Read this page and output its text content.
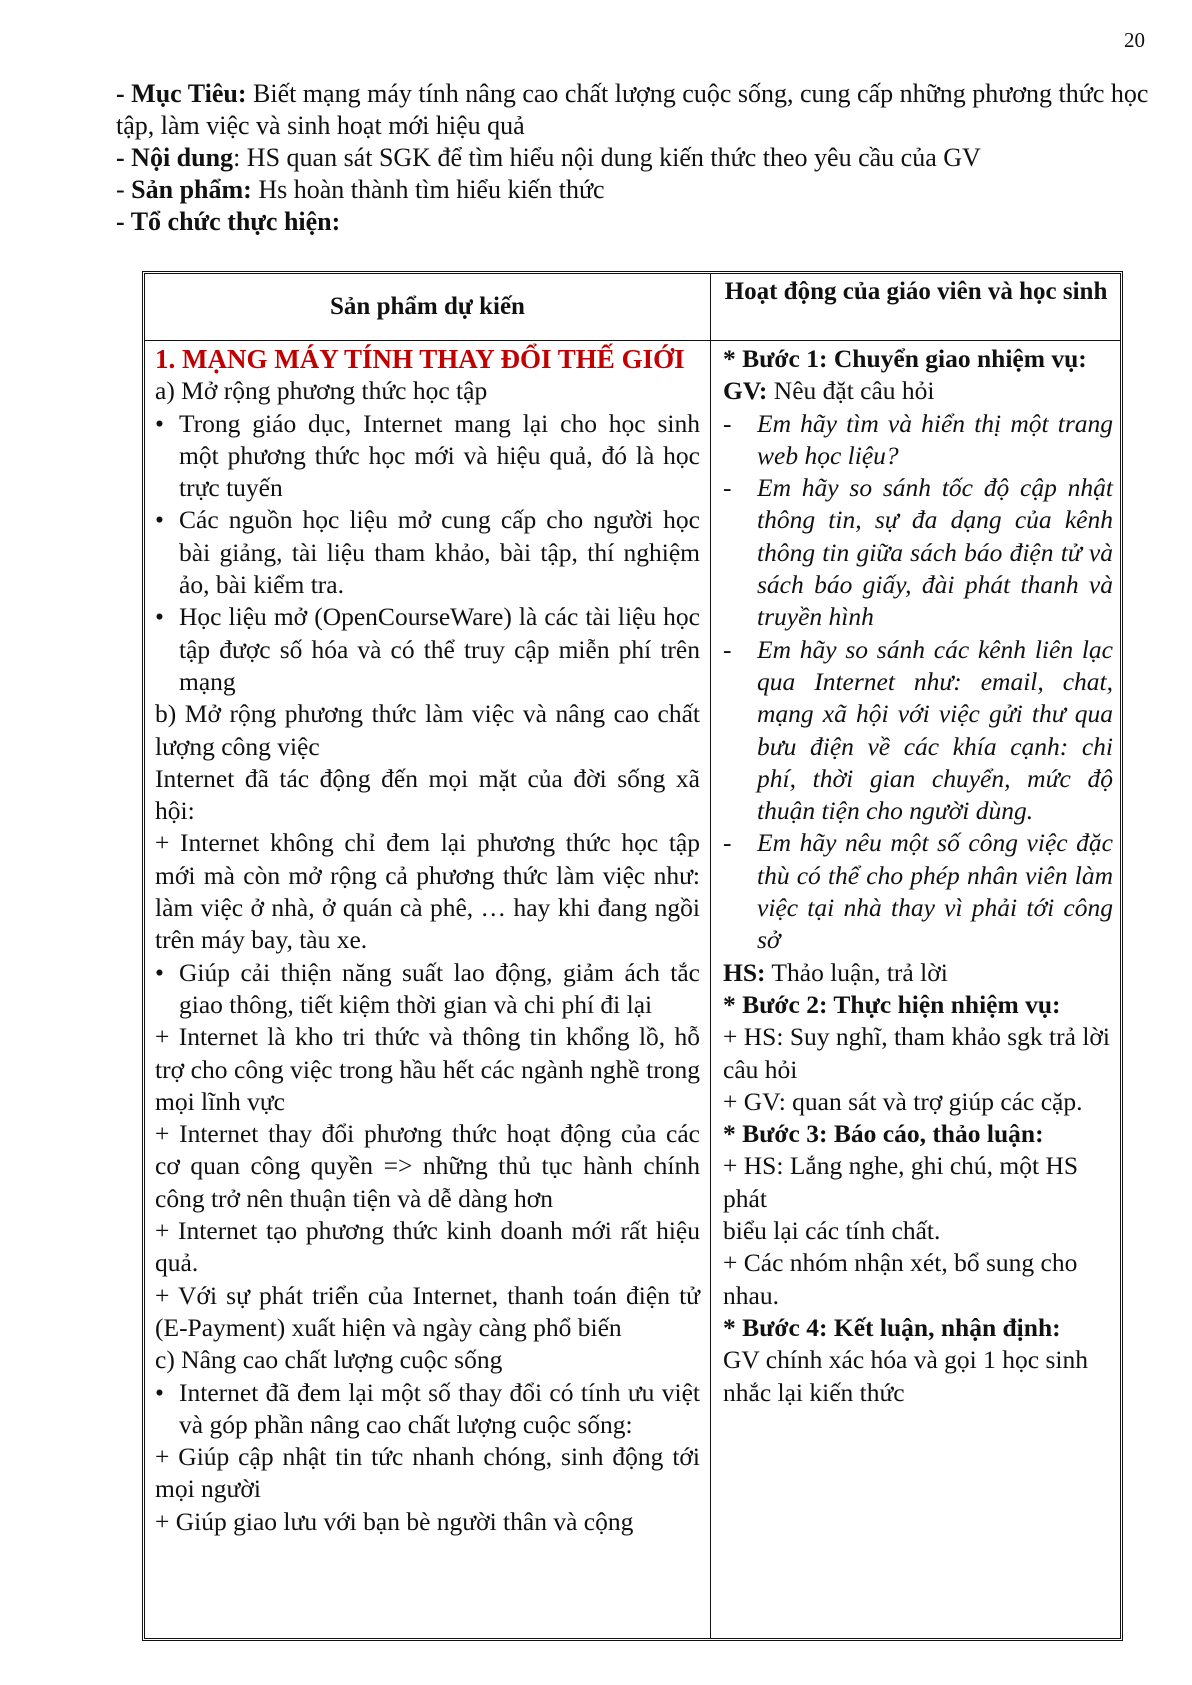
20
- Mục Tiêu: Biết mạng máy tính nâng cao chất lượng cuộc sống, cung cấp những phương thức học tập, làm việc và sinh hoạt mới hiệu quả
- Nội dung: HS quan sát SGK để tìm hiểu nội dung kiến thức theo yêu cầu của GV
- Sản phẩm: Hs hoàn thành tìm hiểu kiến thức
- Tổ chức thực hiện:
Sản phẩm dự kiến
Hoạt động của giáo viên và học sinh
1. MẠNG MÁY TÍNH THAY ĐỔI THẾ GIỚI
a) Mở rộng phương thức học tập
• Trong giáo dục, Internet mang lại cho học sinh một phương thức học mới và hiệu quả, đó là học trực tuyến
• Các nguồn học liệu mở cung cấp cho người học bài giảng, tài liệu tham khảo, bài tập, thí nghiệm ảo, bài kiểm tra.
• Học liệu mở (OpenCourseWare) là các tài liệu học tập được số hóa và có thể truy cập miễn phí trên mạng
b) Mở rộng phương thức làm việc và nâng cao chất lượng công việc
Internet đã tác động đến mọi mặt của đời sống xã hội:
+ Internet không chỉ đem lại phương thức học tập mới mà còn mở rộng cả phương thức làm việc như: làm việc ở nhà, ở quán cà phê, … hay khi đang ngồi trên máy bay, tàu xe.
• Giúp cải thiện năng suất lao động, giảm ách tắc giao thông, tiết kiệm thời gian và chi phí đi lại
+ Internet là kho tri thức và thông tin khổng lồ, hỗ trợ cho công việc trong hầu hết các ngành nghề trong mọi lĩnh vực
+ Internet thay đổi phương thức hoạt động của các cơ quan công quyền => những thủ tục hành chính công trở nên thuận tiện và dễ dàng hơn
+ Internet tạo phương thức kinh doanh mới rất hiệu quả.
+ Với sự phát triển của Internet, thanh toán điện tử (E-Payment) xuất hiện và ngày càng phổ biến
c) Nâng cao chất lượng cuộc sống
• Internet đã đem lại một số thay đổi có tính ưu việt và góp phần nâng cao chất lượng cuộc sống:
+ Giúp cập nhật tin tức nhanh chóng, sinh động tới mọi người
+ Giúp giao lưu với bạn bè người thân và cộng
* Bước 1: Chuyển giao nhiệm vụ:
GV: Nêu đặt câu hỏi
- Em hãy tìm và hiển thị một trang web học liệu?
- Em hãy so sánh tốc độ cập nhật thông tin, sự đa dạng của kênh thông tin giữa sách báo điện tử và sách báo giấy, đài phát thanh và truyền hình
- Em hãy so sánh các kênh liên lạc qua Internet như: email, chat, mạng xã hội với việc gửi thư qua bưu điện về các khía cạnh: chi phí, thời gian chuyển, mức độ thuận tiện cho người dùng.
- Em hãy nêu một số công việc đặc thù có thể cho phép nhân viên làm việc tại nhà thay vì phải tới công sở
HS: Thảo luận, trả lời
* Bước 2: Thực hiện nhiệm vụ:
+ HS: Suy nghĩ, tham khảo sgk trả lời câu hỏi
+ GV: quan sát và trợ giúp các cặp.
* Bước 3: Báo cáo, thảo luận:
+ HS: Lắng nghe, ghi chú, một HS phát
biểu lại các tính chất.
+ Các nhóm nhận xét, bổ sung cho nhau.
* Bước 4: Kết luận, nhận định:
GV chính xác hóa và gọi 1 học sinh nhắc lại kiến thức
